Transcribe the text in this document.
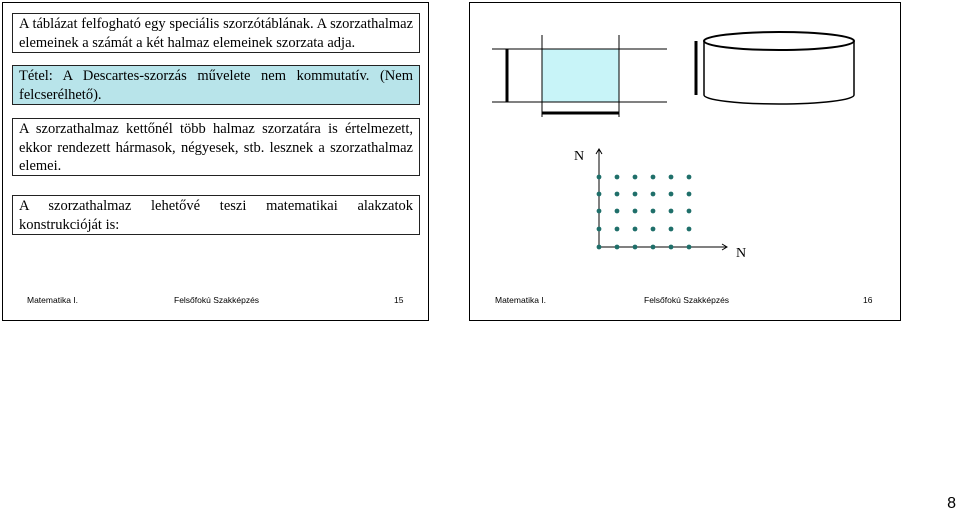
A táblázat felfogható egy speciális szorzótáblának. A szorzathalmaz elemeinek a számát a két halmaz elemeinek szorzata adja.
Tétel: A Descartes-szorzás művelete nem kommutatív. (Nem felcserélhető).
A szorzathalmaz kettőnél több halmaz szorzatára is értelmezett, ekkor rendezett hármasok, négyesek, stb. lesznek a szorzathalmaz elemei.
A szorzathalmaz lehetővé teszi matematikai alakzatok konstrukcióját is:
Matematika I.	Felsőfokú Szakképzés	15
N
N
Matematika I.	Felsőfokú Szakképzés	16
8
